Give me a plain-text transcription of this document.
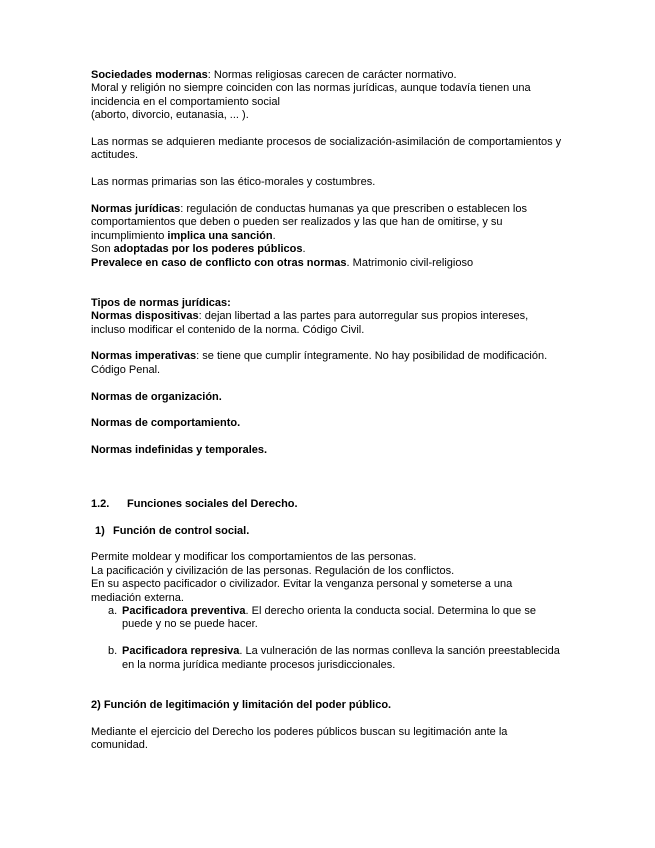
Sociedades modernas: Normas religiosas carecen de carácter normativo.
Moral y religión no siempre coinciden con las normas jurídicas, aunque todavía tienen una incidencia en el comportamiento social
(aborto, divorcio, eutanasia, ... ).
Las normas se adquieren mediante procesos de socialización-asimilación de comportamientos y actitudes.
Las normas primarias son las ético-morales y costumbres.
Normas jurídicas: regulación de conductas humanas ya que prescriben o establecen los comportamientos que deben o pueden ser realizados y las que han de omitirse, y su incumplimiento implica una sanción.
Son adoptadas por los poderes públicos.
Prevalece en caso de conflicto con otras normas. Matrimonio civil-religioso
Tipos de normas jurídicas:
Normas dispositivas: dejan libertad a las partes para autorregular sus propios intereses, incluso modificar el contenido de la norma. Código Civil.
Normas imperativas: se tiene que cumplir íntegramente. No hay posibilidad de modificación. Código Penal.
Normas de organización.
Normas de comportamiento.
Normas indefinidas y temporales.
1.2. Funciones sociales del Derecho.
1) Función de control social.
Permite moldear y modificar los comportamientos de las personas.
La pacificación y civilización de las personas. Regulación de los conflictos.
En su aspecto pacificador o civilizador. Evitar la venganza personal y someterse a una mediación externa.
a. Pacificadora preventiva. El derecho orienta la conducta social. Determina lo que se puede y no se puede hacer.
b. Pacificadora represiva. La vulneración de las normas conlleva la sanción preestablecida en la norma jurídica mediante procesos jurisdiccionales.
2) Función de legitimación y limitación del poder público.
Mediante el ejercicio del Derecho los poderes públicos buscan su legitimación ante la comunidad.
